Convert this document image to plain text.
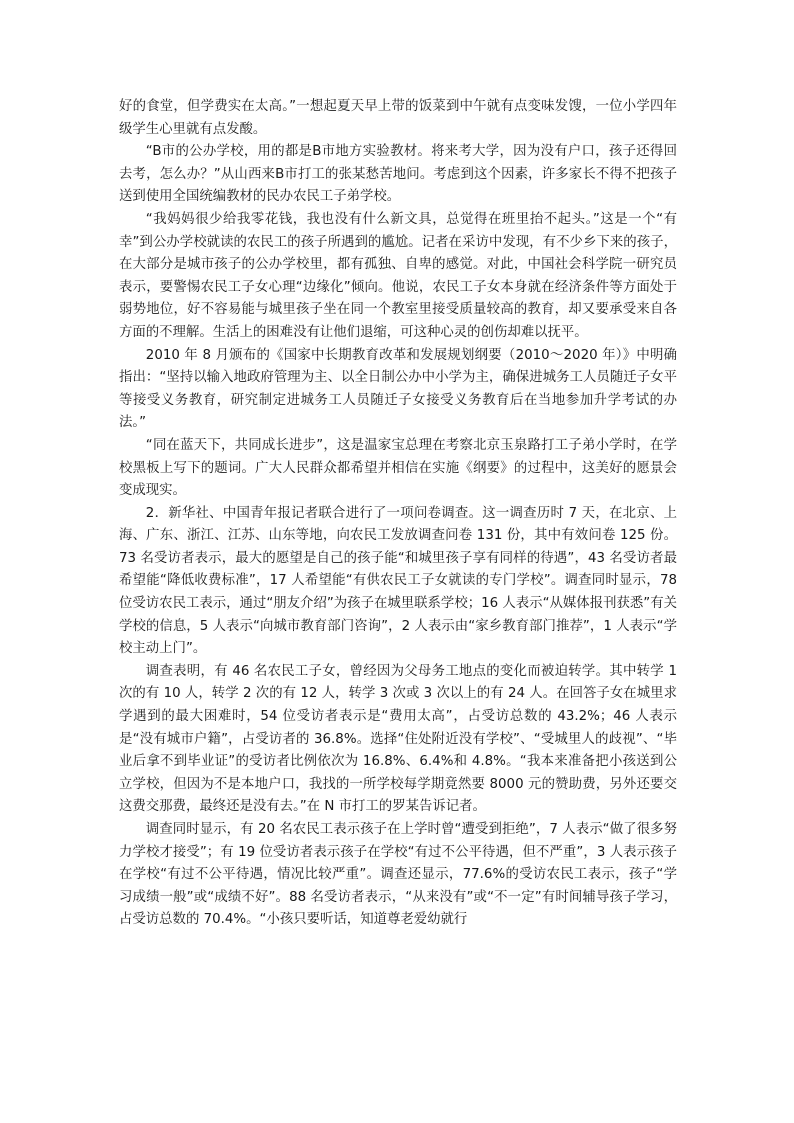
好的食堂，但学费实在太高。”一想起夏天早上带的饭菜到中午就有点变味发馊，一位小学四年级学生心里就有点发酸。

“B市的公办学校，用的都是B市地方实验教材。将来考大学，因为没有户口，孩子还得回去考，怎么办？”从山西来B市打工的张某愁苦地问。考虑到这个因素，许多家长不得不把孩子送到使用全国统编教材的民办农民工子弟学校。

“我妈妈很少给我零花钱，我也没有什么新文具，总觉得在班里抬不起头。”这是一个“有幸”到公办学校就读的农民工的孩子所遇到的尴尬。记者在采访中发现，有不少乡下来的孩子，在大部分是城市孩子的公办学校里，都有孤独、自卑的感觉。对此，中国社会科学院一研究员表示，要警惕农民工子女心理“边缘化”倾向。他说，农民工子女本身就在经济条件等方面处于弱势地位，好不容易能与城里孩子坐在同一个教室里接受质量较高的教育，却又要承受来自各方面的不理解。生活上的困难没有让他们退缩，可这种心灵的创伤却难以抚平。

2010 年 8 月颁布的《国家中长期教育改革和发展规划纲要（2010～2020 年）》中明确指出：“坚持以输入地政府管理为主、以全日制公办中小学为主，确保进城务工人员随迁子女平等接受义务教育，研究制定进城务工人员随迁子女接受义务教育后在当地参加升学考试的办法。”

“同在蓝天下，共同成长进步”，这是温家宝总理在考察北京玉泉路打工子弟小学时，在学校黑板上写下的题词。广大人民群众都希望并相信在实施《纲要》的过程中，这美好的愿景会变成现实。

2．新华社、中国青年报记者联合进行了一项问卷调查。这一调查历时 7 天，在北京、上海、广东、浙江、江苏、山东等地，向农民工发放调查问卷 131 份，其中有效问卷 125 份。73 名受访者表示，最大的愿望是自己的孩子能“和城里孩子享有同样的待遇”，43 名受访者最希望能“降低收费标准”，17 人希望能“有供农民工子女就读的专门学校”。调查同时显示，78 位受访农民工表示，通过“朋友介绍”为孩子在城里联系学校；16 人表示“从媒体报刊获悉”有关学校的信息，5 人表示“向城市教育部门咨询”，2 人表示由“家乡教育部门推荐”，1 人表示“学校主动上门”。

调查表明，有 46 名农民工子女，曾经因为父母务工地点的变化而被迫转学。其中转学 1 次的有 10 人，转学 2 次的有 12 人，转学 3 次或 3 次以上的有 24 人。在回答子女在城里求学遇到的最大困难时，54 位受访者表示是“费用太高”，占受访总数的 43.2%；46 人表示是“没有城市户籍”，占受访者的 36.8%。选择“住处附近没有学校”、“受城里人的歧视”、“毕业后拿不到毕业证”的受访者比例依次为 16.8%、6.4%和 4.8%。“我本来准备把小孩送到公立学校，但因为不是本地户口，我找的一所学校每学期竟然要 8000 元的赞助费，另外还要交这费交那费，最终还是没有去。”在 N 市打工的罗某告诉记者。

调查同时显示，有 20 名农民工表示孩子在上学时曾“遭受到拒绝”，7 人表示“做了很多努力学校才接受”；有 19 位受访者表示孩子在学校“有过不公平待遇，但不严重”，3 人表示孩子在学校“有过不公平待遇，情况比较严重”。调查还显示，77.6%的受访农民工表示，孩子“学习成绩一般”或“成绩不好”。88 名受访者表示，“从来没有”或“不一定”有时间辅导孩子学习，占受访总数的 70.4%。“小孩只要听话，知道尊老爱幼就行
